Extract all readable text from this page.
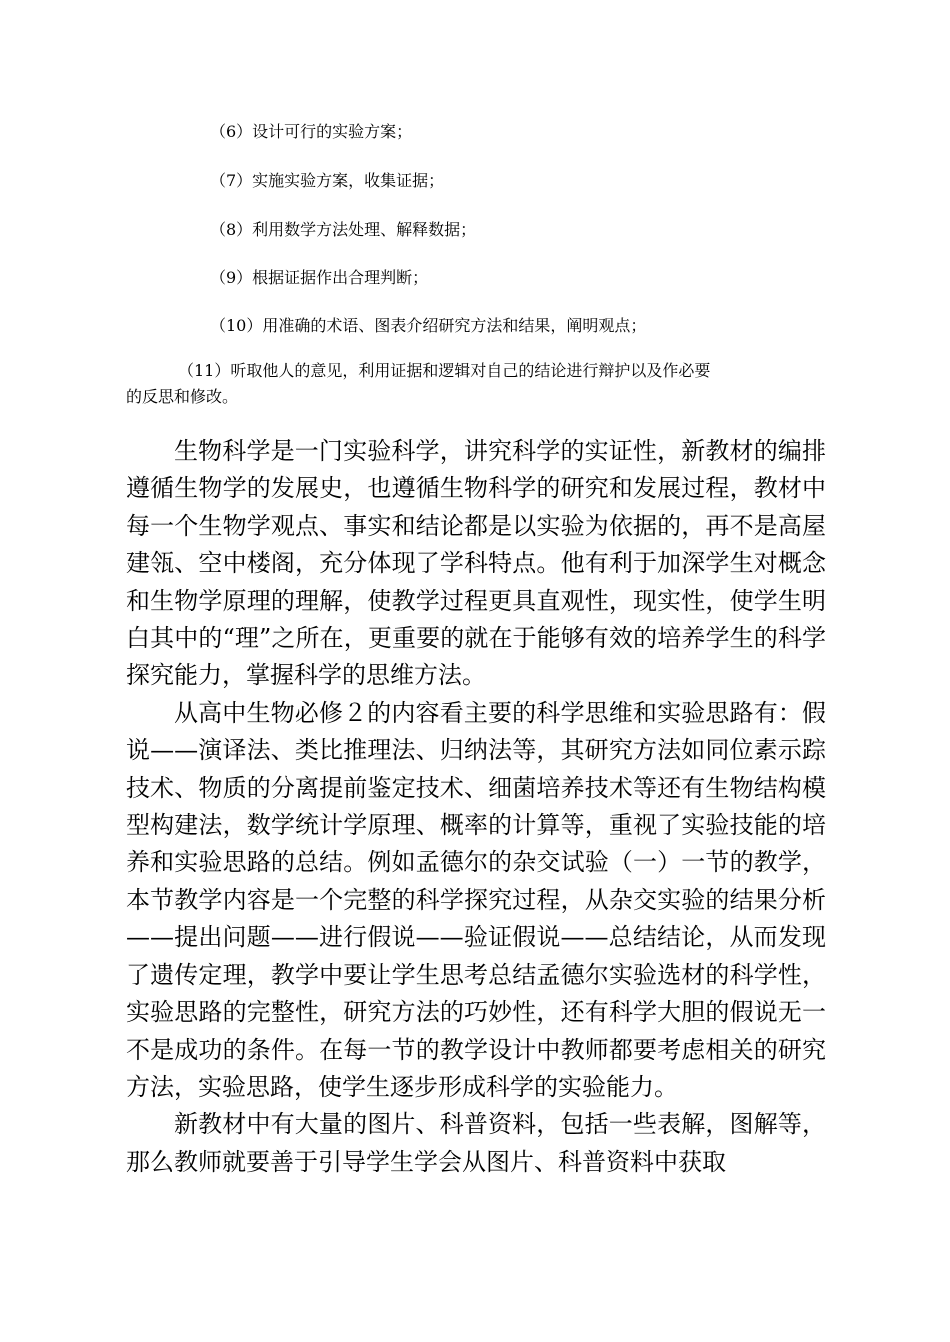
（6）设计可行的实验方案；
（7）实施实验方案，收集证据；
（8）利用数学方法处理、解释数据；
（9）根据证据作出合理判断；
（10）用准确的术语、图表介绍研究方法和结果，阐明观点；
（11）听取他人的意见，利用证据和逻辑对自己的结论进行辩护以及作必要
的反思和修改。

生物科学是一门实验科学，讲究科学的实证性，新教材的编排遵循生物学的发展史，也遵循生物科学的研究和发展过程，教材中每一个生物学观点、事实和结论都是以实验为依据的，再不是高屋建瓴、空中楼阁，充分体现了学科特点。他有利于加深学生对概念和生物学原理的理解，使教学过程更具直观性，现实性，使学生明白其中的“理”之所在，更重要的就在于能够有效的培养学生的科学探究能力，掌握科学的思维方法。

从高中生物必修２的内容看主要的科学思维和实验思路有：假说——演译法、类比推理法、归纳法等，其研究方法如同位素示踪技术、物质的分离提前鉴定技术、细菌培养技术等还有生物结构模型构建法，数学统计学原理、概率的计算等，重视了实验技能的培养和实验思路的总结。例如孟德尔的杂交试验（一）一节的教学，本节教学内容是一个完整的科学探究过程，从杂交实验的结果分析——提出问题——进行假说——验证假说——总结结论，从而发现了遗传定理，教学中要让学生思考总结孟德尔实验选材的科学性，实验思路的完整性，研究方法的巧妙性，还有科学大胆的假说无一不是成功的条件。在每一节的教学设计中教师都要考虑相关的研究方法，实验思路，使学生逐步形成科学的实验能力。

新教材中有大量的图片、科普资料，包括一些表解，图解等，那么教师就要善于引导学生学会从图片、科普资料中获取
